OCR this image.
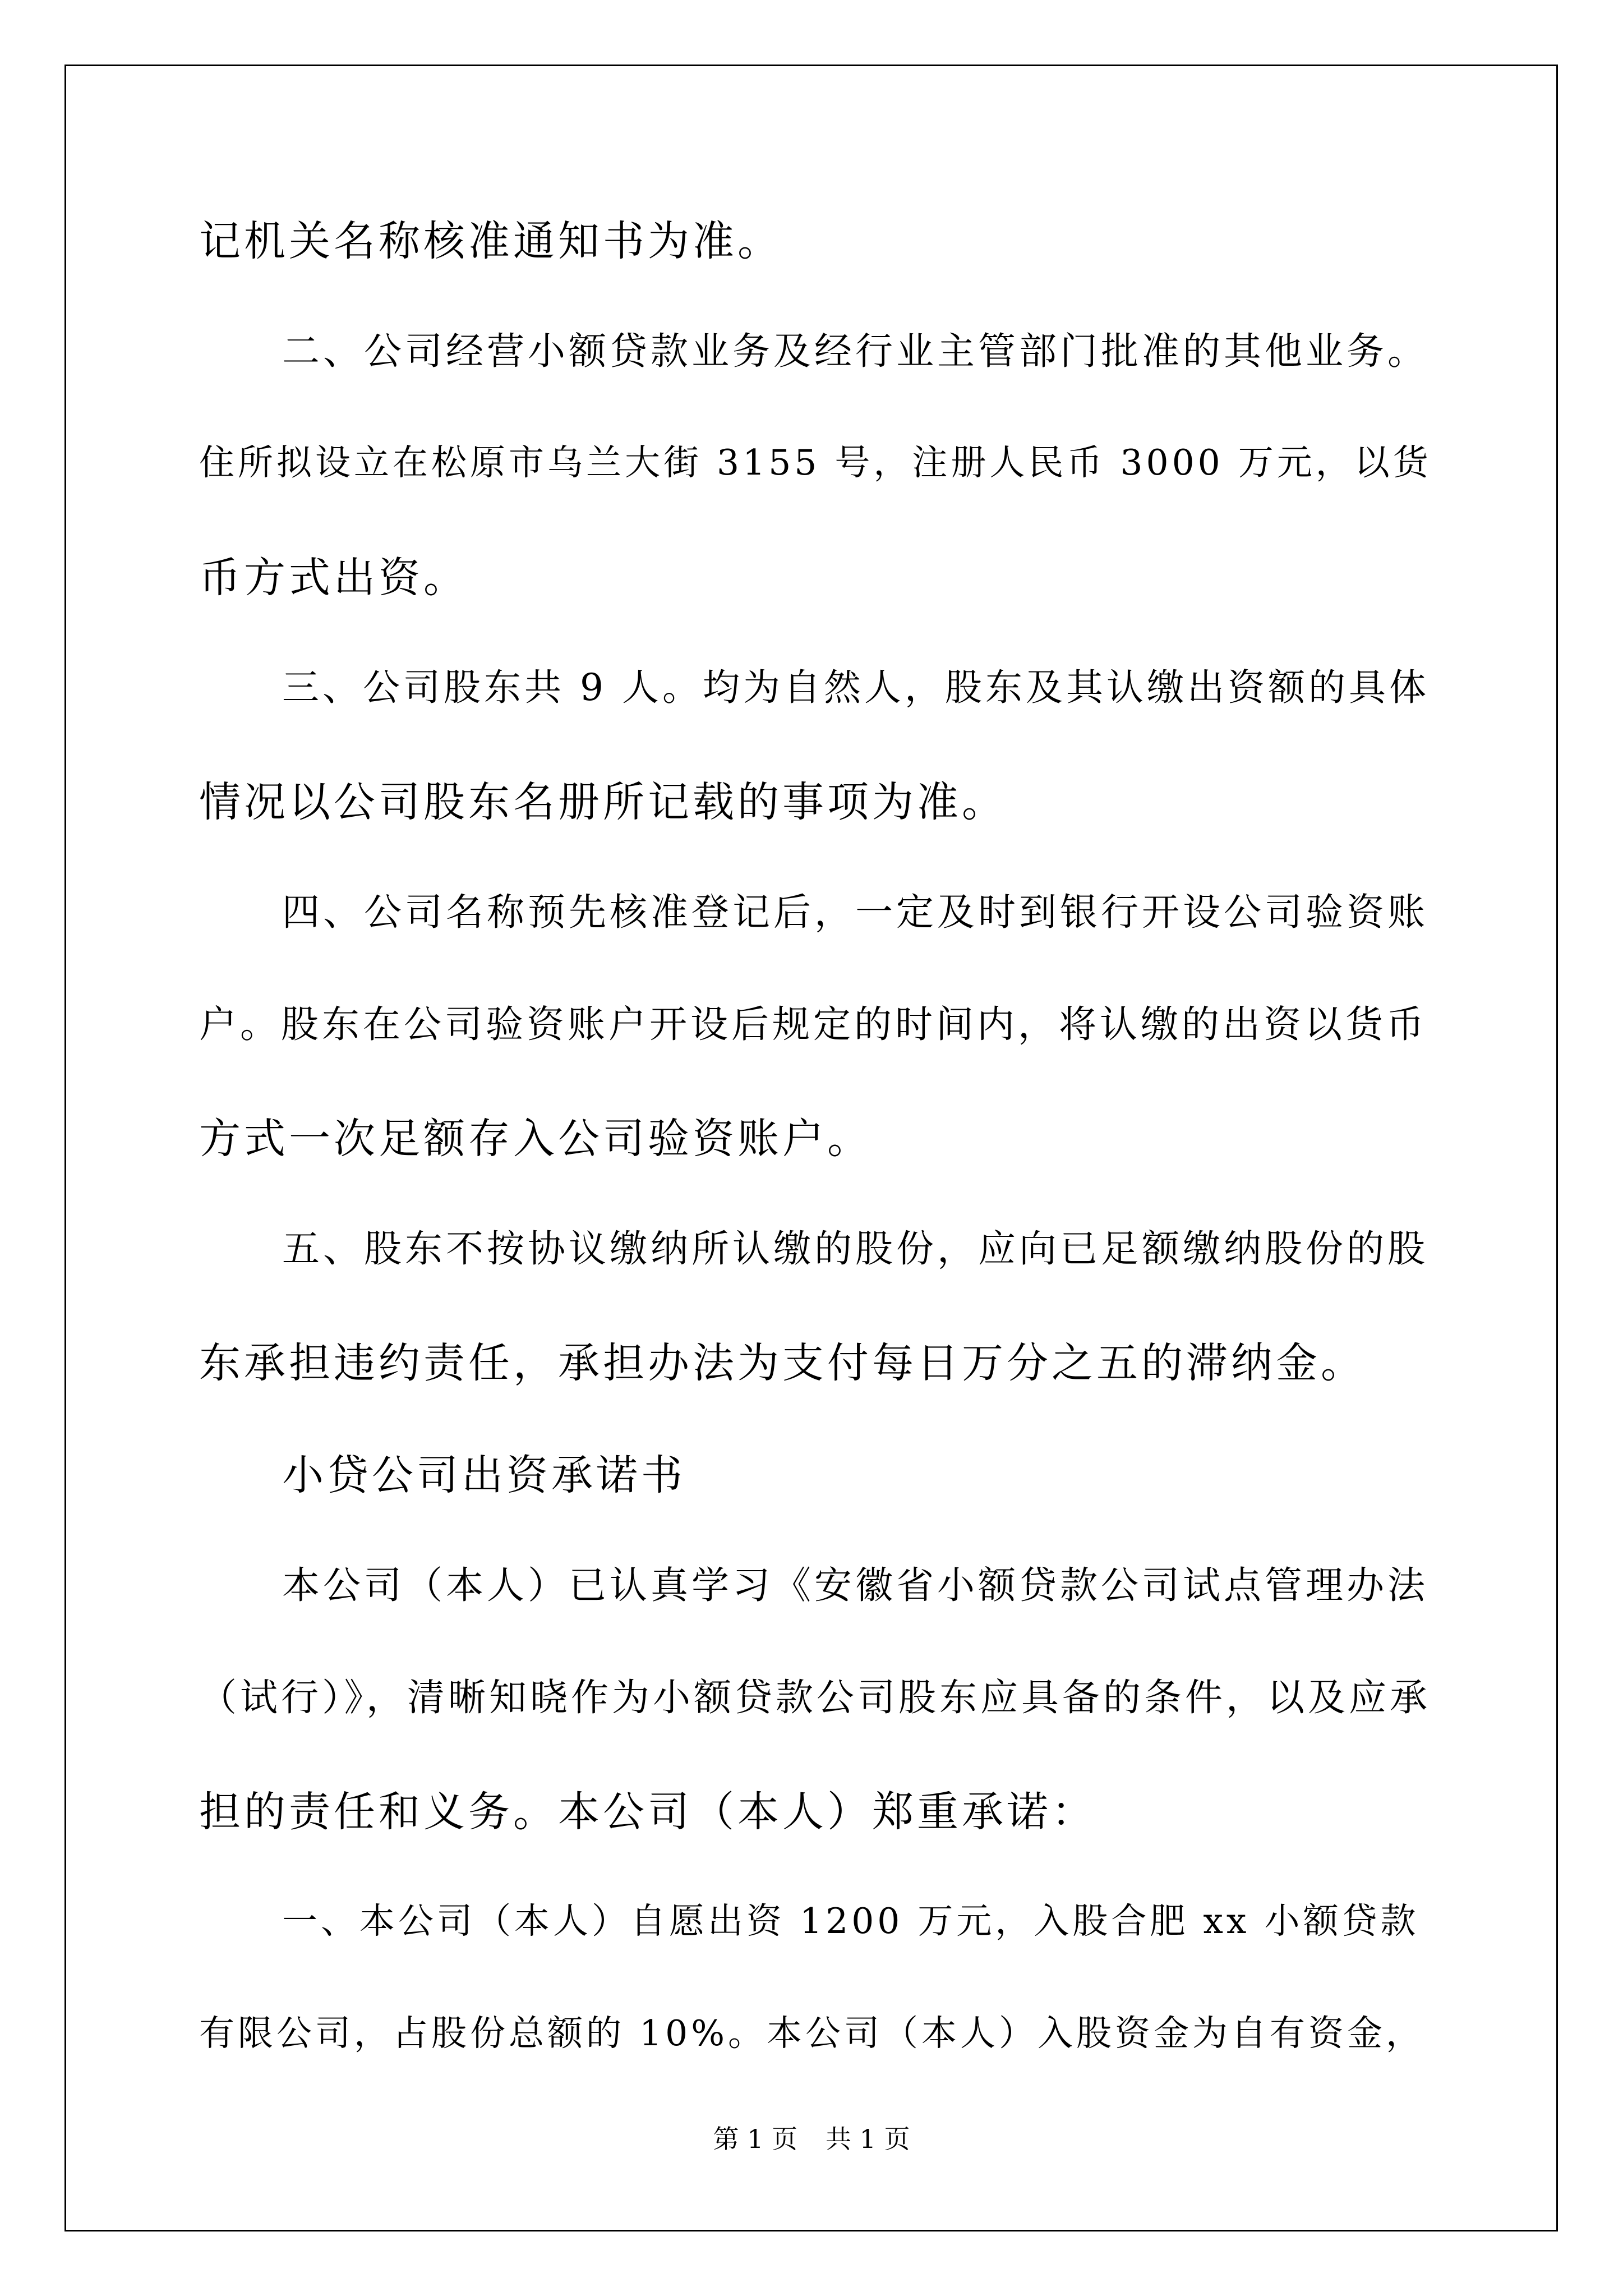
记机关名称核准通知书为准。
二、公司经营小额贷款业务及经行业主管部门批准的其他业务。
住所拟设立在松原市乌兰大街 3155 号，注册人民币 3000 万元，以货
币方式出资。
三、公司股东共 9 人。均为自然人，股东及其认缴出资额的具体
情况以公司股东名册所记载的事项为准。
四、公司名称预先核准登记后，一定及时到银行开设公司验资账
户。股东在公司验资账户开设后规定的时间内，将认缴的出资以货币
方式一次足额存入公司验资账户。
五、股东不按协议缴纳所认缴的股份，应向已足额缴纳股份的股
东承担违约责任，承担办法为支付每日万分之五的滞纳金。
小贷公司出资承诺书
本公司（本人）已认真学习《安徽省小额贷款公司试点管理办法
（试行）》，清晰知晓作为小额贷款公司股东应具备的条件，以及应承
担的责任和义务。本公司（本人）郑重承诺：
一、本公司（本人）自愿出资 1200 万元，入股合肥 xx 小额贷款
有限公司，占股份总额的 10%。本公司（本人）入股资金为自有资金，
第 1 页 共 1 页
